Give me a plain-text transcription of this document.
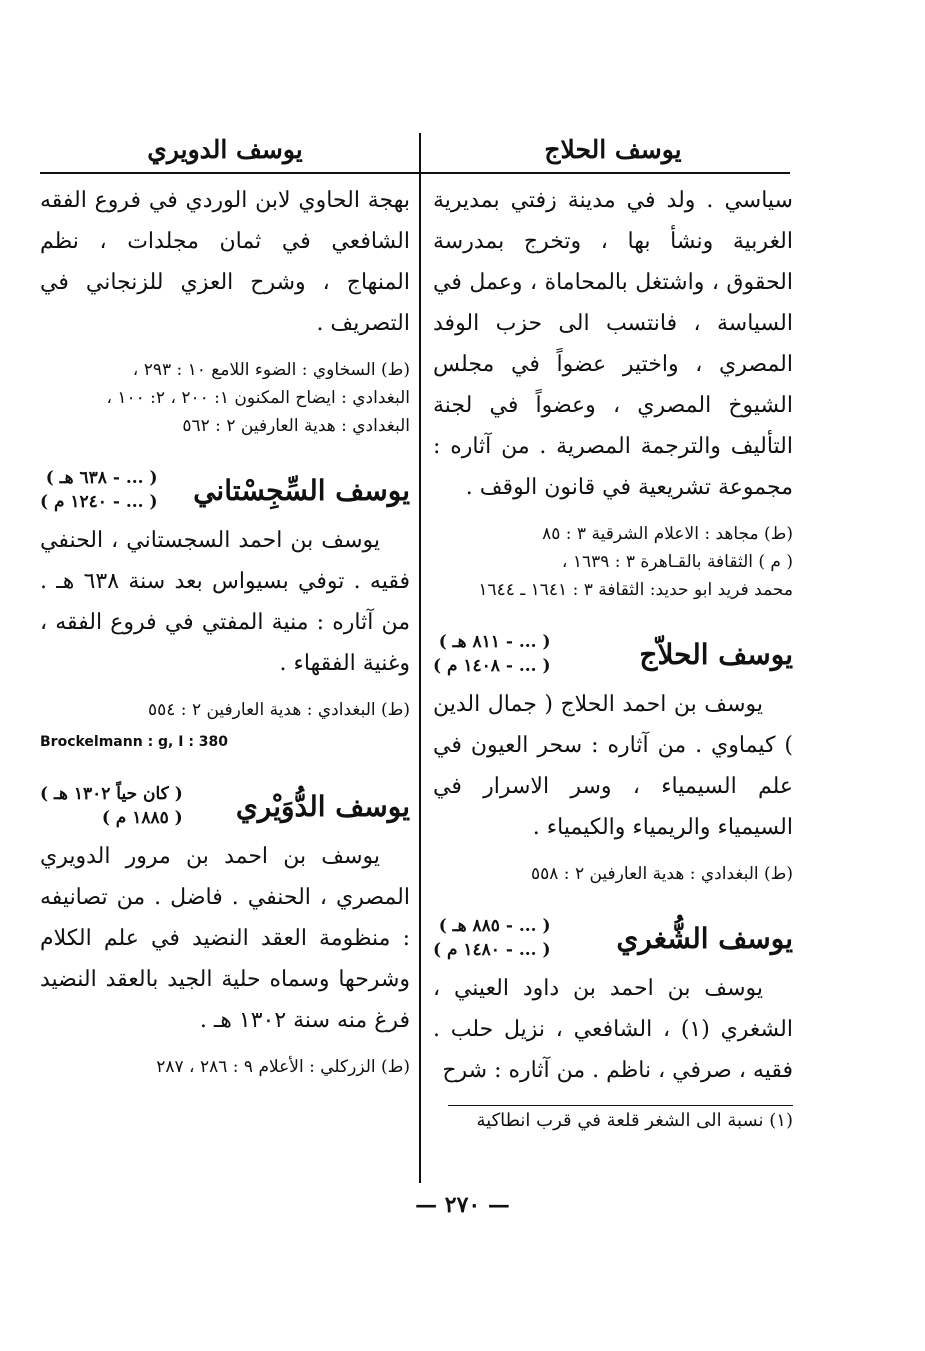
يوسف الحلاج

سياسي . ولد في مدينة زفتي بمديرية الغربية ونشأ بها ، وتخرج بمدرسة الحقوق ، واشتغل بالمحاماة ، وعمل في السياسة ، فانتسب الى حزب الوفد المصري ، واختير عضواً في مجلس الشيوخ المصري ، وعضواً في لجنة التأليف والترجمة المصرية . من آثاره : مجموعة تشريعية في قانون الوقف .

(ط) مجاهد : الاعلام الشرقية ٣ : ٨٥

( م ) الثقافة بالقـاهرة ٣ : ١٦٣٩ ،

محمد فريد ابو حديد: الثقافة ٣ : ١٦٤١ ـ ١٦٤٤

يوسف الحلاّج
( ... - ٨١١ هـ )
( ... - ١٤٠٨ م )

يوسف بن احمد الحلاج ( جمال الدين ) كيماوي . من آثاره : سحر العيون في علم السيمياء ، وسر الاسرار في السيمياء والريمياء والكيمياء .

(ط) البغدادي : هدية العارفين ٢ : ٥٥٨

يوسف الشُّغري
( ... - ٨٨٥ هـ )
( ... - ١٤٨٠ م )

يوسف بن احمد بن داود العيني ، الشغري (١) ، الشافعي ، نزيل حلب . فقيه ، صرفي ، ناظم . من آثاره : شرح

(١) نسبة الى الشغر قلعة في قرب انطاكية

يوسف الدويري

بهجة الحاوي لابن الوردي في فروع الفقه الشافعي في ثمان مجلدات ، نظم المنهاج ، وشرح العزي للزنجاني في التصريف .

(ط) السخاوي : الضوء اللامع ١٠ : ٢٩٣ ،

البغدادي : ايضاح المكنون ١: ٢٠٠ ، ٢: ١٠٠ ،

البغدادي : هدية العارفين ٢ : ٥٦٢

يوسف السِّجِسْتاني
( ... - ٦٣٨ هـ )
( ... - ١٢٤٠ م )

يوسف بن احمد السجستاني ، الحنفي فقيه . توفي بسيواس بعد سنة ٦٣٨ هـ . من آثاره : منية المفتي في فروع الفقه ، وغنية الفقهاء .

(ط) البغدادي : هدية العارفين ٢ : ٥٥٤

Brockelmann : g, I : 380
يوسف الدُّوَيْري
( كان حياً ١٣٠٢ هـ )
( ١٨٨٥ م )

يوسف بن احمد بن مرور الدويري المصري ، الحنفي . فاضل . من تصانيفه : منظومة العقد النضيد في علم الكلام وشرحها وسماه حلية الجيد بالعقد النضيد فرغ منه سنة ١٣٠٢ هـ .

(ط) الزركلي : الأعلام ٩ : ٢٨٦ ، ٢٨٧

— ٢٧٠ —
